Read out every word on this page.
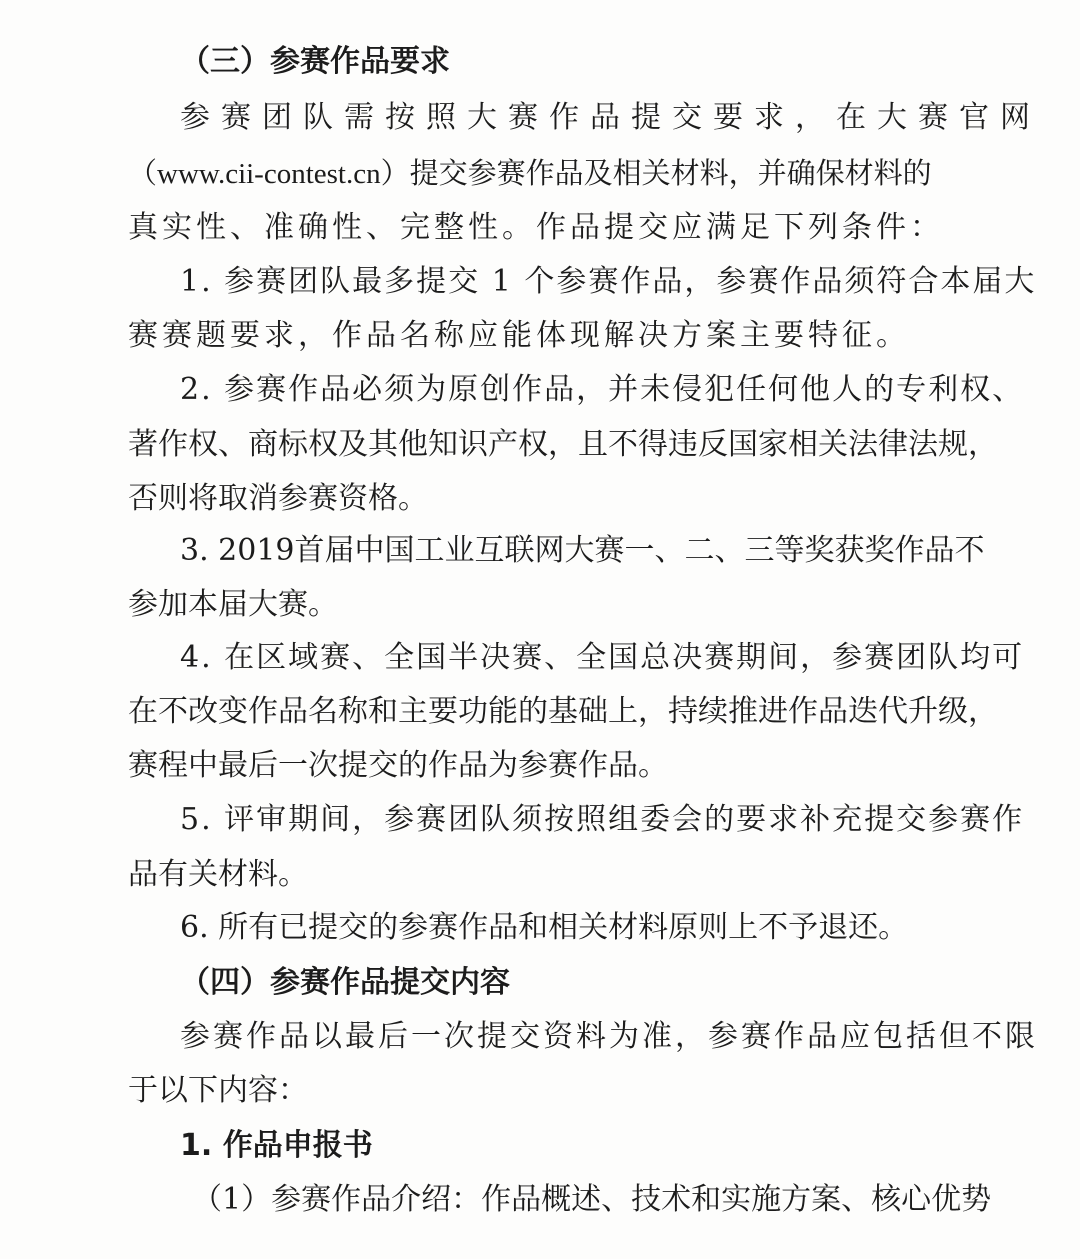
（三）参赛作品要求
参赛团队需按照大赛作品提交要求，在大赛官网
（www.cii-contest.cn）提交参赛作品及相关材料，并确保材料的
真实性、准确性、完整性。作品提交应满足下列条件：
1. 参赛团队最多提交 1 个参赛作品，参赛作品须符合本届大
赛赛题要求，作品名称应能体现解决方案主要特征。
2. 参赛作品必须为原创作品，并未侵犯任何他人的专利权、
著作权、商标权及其他知识产权，且不得违反国家相关法律法规，
否则将取消参赛资格。
3. 2019首届中国工业互联网大赛一、二、三等奖获奖作品不
参加本届大赛。
4. 在区域赛、全国半决赛、全国总决赛期间，参赛团队均可
在不改变作品名称和主要功能的基础上，持续推进作品迭代升级，
赛程中最后一次提交的作品为参赛作品。
5. 评审期间，参赛团队须按照组委会的要求补充提交参赛作
品有关材料。
6. 所有已提交的参赛作品和相关材料原则上不予退还。
（四）参赛作品提交内容
参赛作品以最后一次提交资料为准，参赛作品应包括但不限
于以下内容：
1. 作品申报书
（1）参赛作品介绍：作品概述、技术和实施方案、核心优势
